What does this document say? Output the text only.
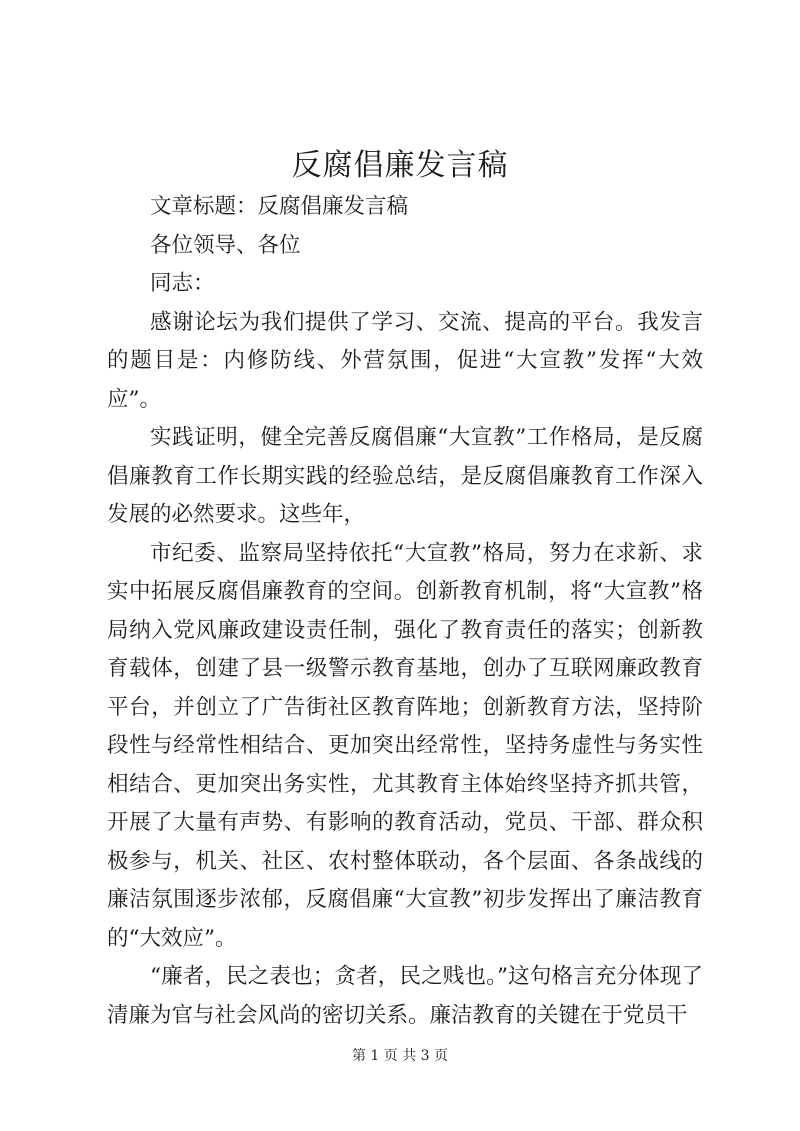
反腐倡廉发言稿

文章标题：反腐倡廉发言稿

各位领导、各位

同志：

感谢论坛为我们提供了学习、交流、提高的平台。我发言的题目是：内修防线、外营氛围，促进“大宣教”发挥“大效应”。

实践证明，健全完善反腐倡廉“大宣教”工作格局，是反腐倡廉教育工作长期实践的经验总结，是反腐倡廉教育工作深入发展的必然要求。这些年，

市纪委、监察局坚持依托“大宣教”格局，努力在求新、求实中拓展反腐倡廉教育的空间。创新教育机制，将“大宣教”格局纳入党风廉政建设责任制，强化了教育责任的落实；创新教育载体，创建了县一级警示教育基地，创办了互联网廉政教育平台，并创立了广告街社区教育阵地；创新教育方法，坚持阶段性与经常性相结合、更加突出经常性，坚持务虚性与务实性相结合、更加突出务实性，尤其教育主体始终坚持齐抓共管，开展了大量有声势、有影响的教育活动，党员、干部、群众积极参与，机关、社区、农村整体联动，各个层面、各条战线的廉洁氛围逐步浓郁，反腐倡廉“大宣教”初步发挥出了廉洁教育的“大效应”。

“廉者，民之表也；贪者，民之贱也。”这句格言充分体现了清廉为官与社会风尚的密切关系。廉洁教育的关键在于党员干

第 1 页 共 3 页
